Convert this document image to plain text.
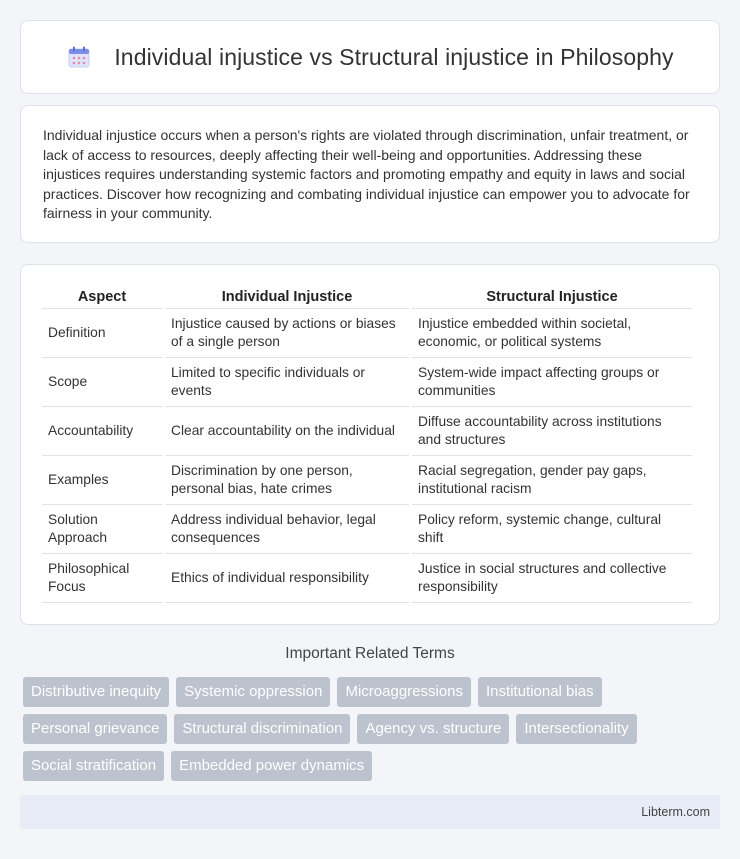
Individual injustice vs Structural injustice in Philosophy

Individual injustice occurs when a person's rights are violated through discrimination, unfair treatment, or lack of access to resources, deeply affecting their well-being and opportunities. Addressing these injustices requires understanding systemic factors and promoting empathy and equity in laws and social practices. Discover how recognizing and combating individual injustice can empower you to advocate for fairness in your community.

Aspect	Individual Injustice	Structural Injustice
Definition	Injustice caused by actions or biases of a single person	Injustice embedded within societal, economic, or political systems
Scope	Limited to specific individuals or events	System-wide impact affecting groups or communities
Accountability	Clear accountability on the individual	Diffuse accountability across institutions and structures
Examples	Discrimination by one person, personal bias, hate crimes	Racial segregation, gender pay gaps, institutional racism
Solution Approach	Address individual behavior, legal consequences	Policy reform, systemic change, cultural shift
Philosophical Focus	Ethics of individual responsibility	Justice in social structures and collective responsibility
Important Related Terms
Distributive inequity	Systemic oppression	Microaggressions	Institutional bias
Personal grievance	Structural discrimination	Agency vs. structure	Intersectionality
Social stratification	Embedded power dynamics
Libterm.com
